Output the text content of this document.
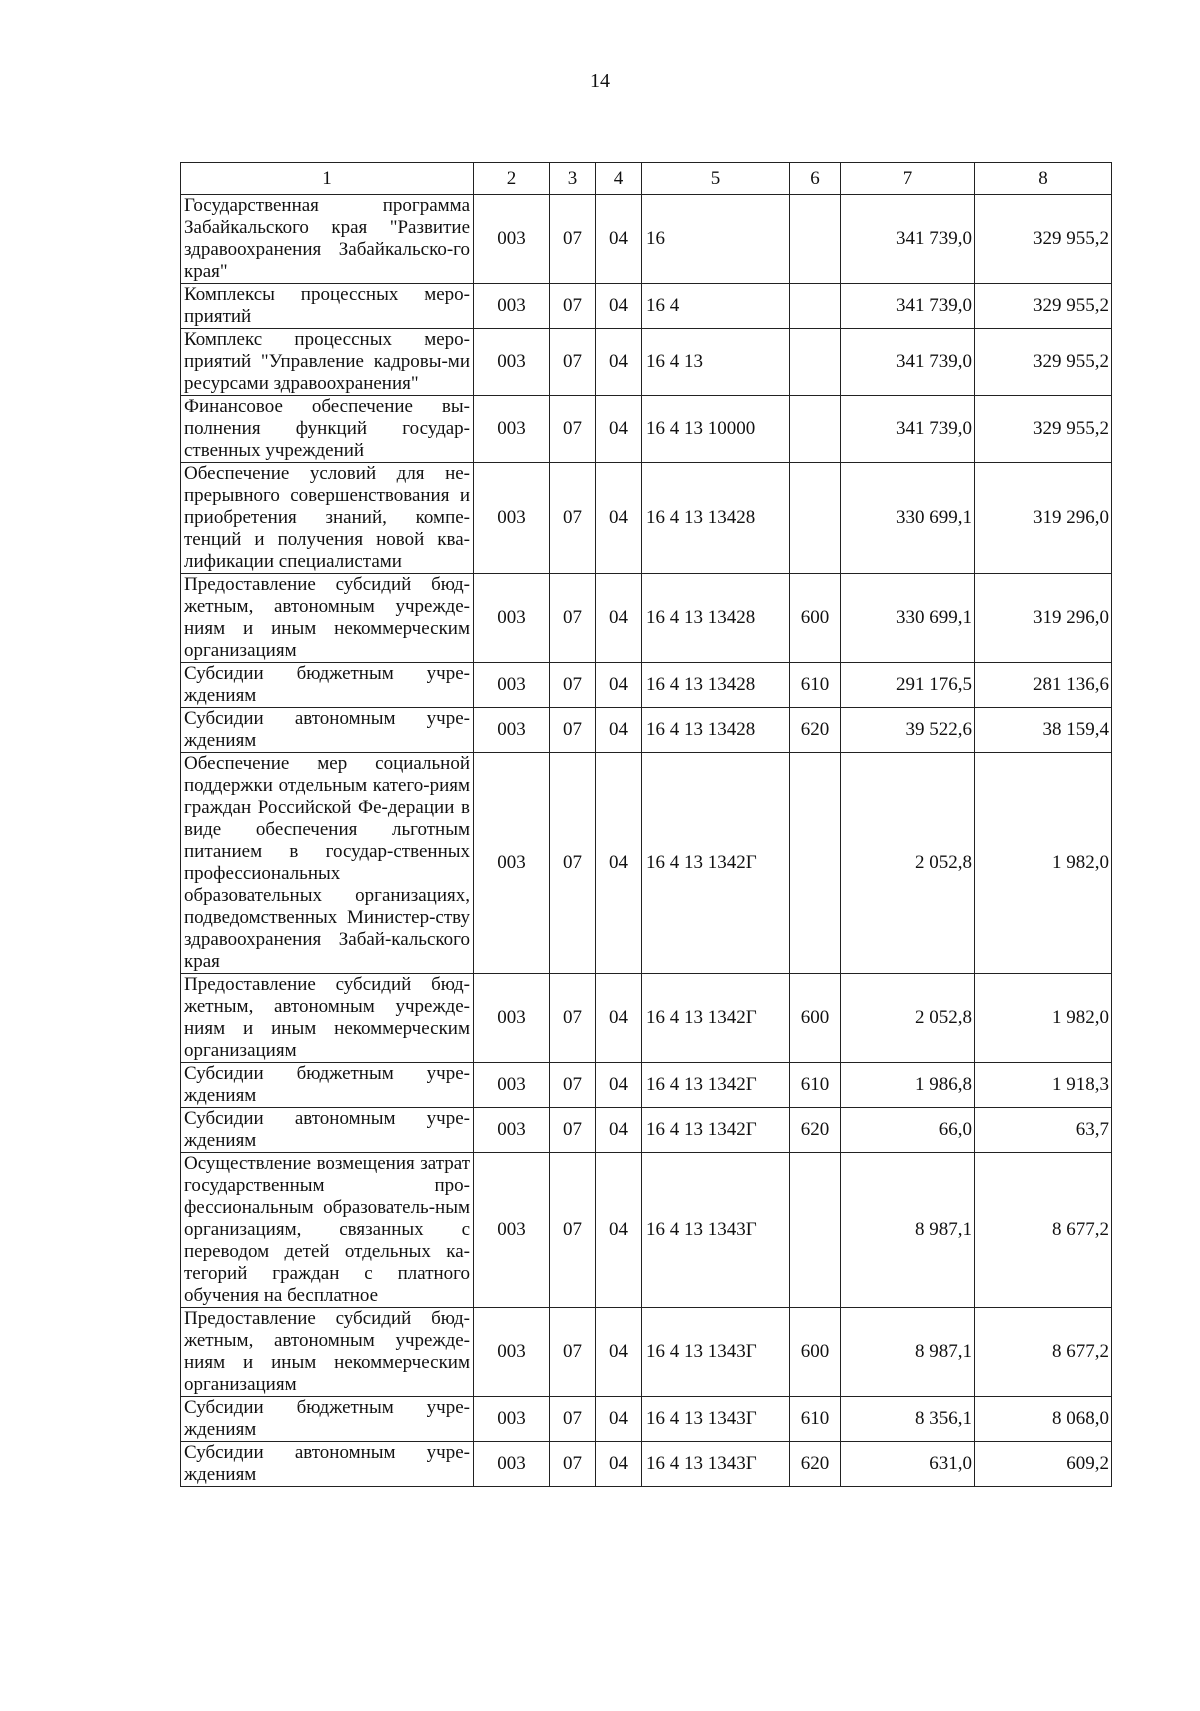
14
1	2	3	4	5	6	7	8
Государственная программа Забайкальского края "Развитие здравоохранения Забайкальско-го края"	003	07	04	16		341 739,0	329 955,2
Комплексы процессных меро-приятий	003	07	04	16 4		341 739,0	329 955,2
Комплекс процессных меро-приятий "Управление кадровы-ми ресурсами здравоохранения"	003	07	04	16 4 13		341 739,0	329 955,2
Финансовое обеспечение вы-полнения функций государ-ственных учреждений	003	07	04	16 4 13 10000		341 739,0	329 955,2
Обеспечение условий для не-прерывного совершенствования и приобретения знаний, компе-тенций и получения новой ква-лификации специалистами	003	07	04	16 4 13 13428		330 699,1	319 296,0
Предоставление субсидий бюд-жетным, автономным учрежде-ниям и иным некоммерческим организациям	003	07	04	16 4 13 13428	600	330 699,1	319 296,0
Субсидии бюджетным учре-ждениям	003	07	04	16 4 13 13428	610	291 176,5	281 136,6
Субсидии автономным учре-ждениям	003	07	04	16 4 13 13428	620	39 522,6	38 159,4
Обеспечение мер социальной поддержки отдельным катего-риям граждан Российской Фе-дерации в виде обеспечения льготным питанием в государ-ственных профессиональных образовательных организациях, подведомственных Министер-ству здравоохранения Забай-кальского края	003	07	04	16 4 13 1342Г		2 052,8	1 982,0
Предоставление субсидий бюд-жетным, автономным учрежде-ниям и иным некоммерческим организациям	003	07	04	16 4 13 1342Г	600	2 052,8	1 982,0
Субсидии бюджетным учре-ждениям	003	07	04	16 4 13 1342Г	610	1 986,8	1 918,3
Субсидии автономным учре-ждениям	003	07	04	16 4 13 1342Г	620	66,0	63,7
Осуществление возмещения затрат государственным про-фессиональным образователь-ным организациям, связанных с переводом детей отдельных ка-тегорий граждан с платного обучения на бесплатное	003	07	04	16 4 13 1343Г		8 987,1	8 677,2
Предоставление субсидий бюд-жетным, автономным учрежде-ниям и иным некоммерческим организациям	003	07	04	16 4 13 1343Г	600	8 987,1	8 677,2
Субсидии бюджетным учре-ждениям	003	07	04	16 4 13 1343Г	610	8 356,1	8 068,0
Субсидии автономным учре-ждениям	003	07	04	16 4 13 1343Г	620	631,0	609,2
